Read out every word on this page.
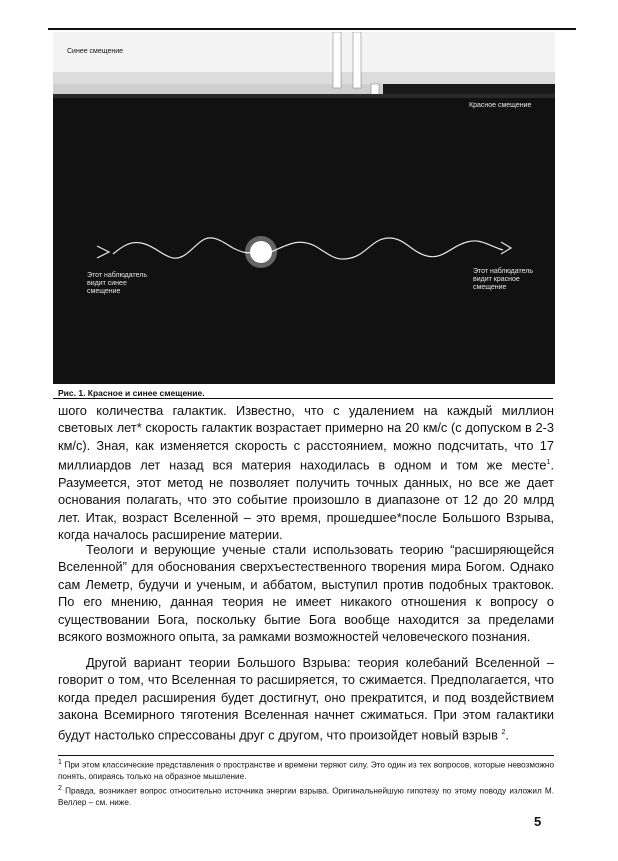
Синее смещение
Красное смещение
Этот наблюдатель видит синее смещение
Этот наблюдатель видит красное смещение
Рис. 1. Красное и синее смещение.
шого количества галактик. Известно, что с удалением на каждый миллион световых лет* скорость галактик возрастает примерно на 20 км/с (с допуском в 2-3 км/с). Зная, как изменяется скорость с расстоянием, можно подсчитать, что 17 миллиардов лет назад вся материя находилась в одном и том же месте$^1$. Разумеется, этот метод не позволяет получить точных данных, но все же дает основания полагать, что это событие произошло в диапазоне от 12 до 20 млрд лет. Итак, возраст Вселенной – это время, прошедшее*после Большого Взрыва, когда началось расширение материи.
Теологи и верующие ученые стали использовать теорию “расширяющейся Вселенной” для обоснования сверхъестественного творения мира Богом. Однако сам Леметр, будучи и ученым, и аббатом, выступил против подобных трактовок. По его мнению, данная теория не имеет никакого отношения к вопросу о существовании Бога, поскольку бытие Бога вообще находится за пределами всякого возможного опыта, за рамками возможностей человеческого познания.
Другой вариант теории Большого Взрыва: теория колебаний Вселенной – говорит о том, что Вселенная то расширяется, то сжимается. Предполагается, что когда предел расширения будет достигнут, оно прекратится, и под воздействием закона Всемирного тяготения Вселенная начнет сжиматься. При этом галактики будут настолько спрессованы друг с другом, что произойдет новый взрыв $^2$.
$^1$ При этом классические представления о пространстве и времени теряют силу. Это один из тех вопросов, которые невозможно понять, опираясь только на образное мышление.
$^2$ Правда, возникает вопрос относительно источника энергии взрыва. Оригинальнейшую гипотезу по этому поводу изложил М. Веллер – см. ниже.
5
